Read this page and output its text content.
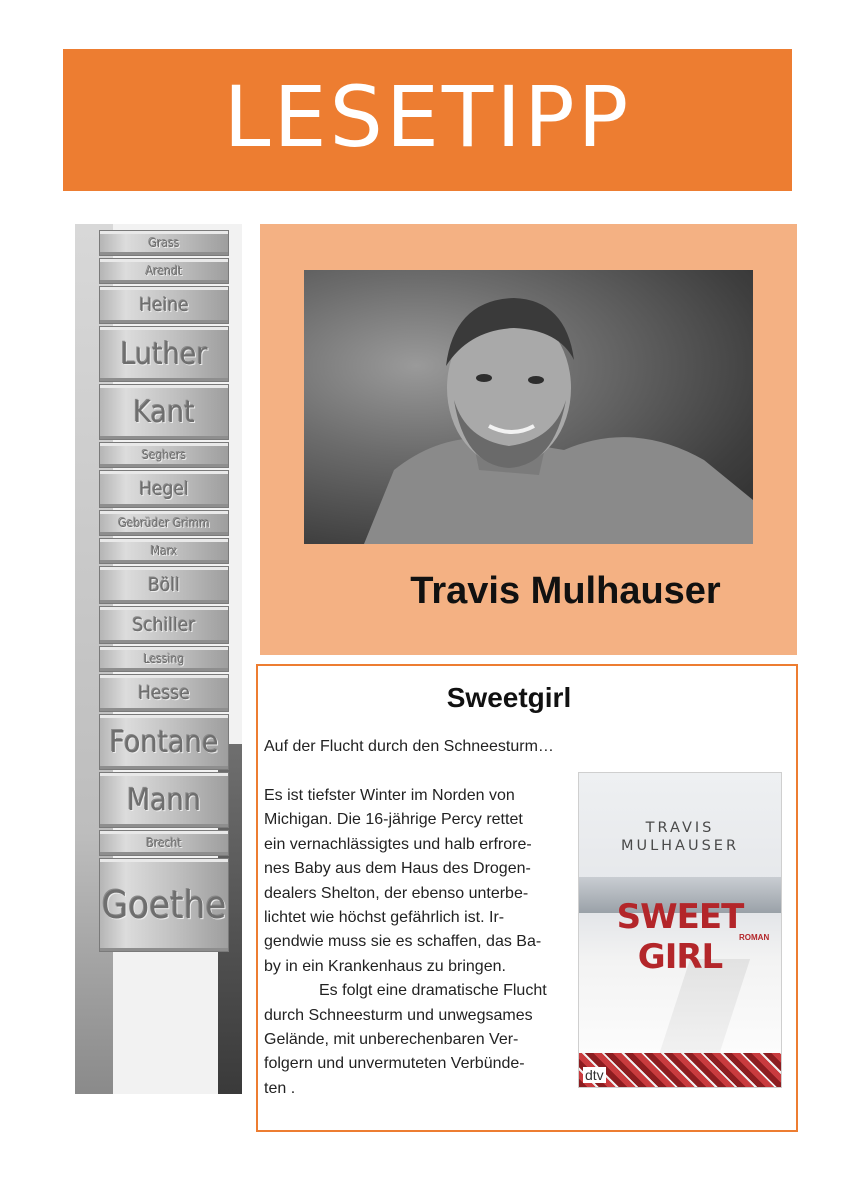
LESETIPP
Grass
Arendt
Heine
Luther
Kant
Seghers
Hegel
Gebrüder Grimm
Marx
Böll
Schiller
Lessing
Hesse
Fontane
Mann
Brecht
Goethe
Travis Mulhauser
Sweetgirl
Auf der Flucht durch den Schneesturm…

Es ist tiefster Winter im Norden von

Michigan. Die 16-jährige Percy rettet

ein vernachlässigtes und halb erfrore-

nes Baby aus dem Haus des Drogen-

dealers Shelton, der ebenso unterbe-

lichtet wie höchst gefährlich ist. Ir-

gendwie muss sie es schaffen, das Ba-

by in ein Krankenhaus zu bringen.

Es folgt eine dramatische Flucht

durch Schneesturm und unwegsames

Gelände, mit unberechenbaren Ver-

folgern und unvermuteten Verbünde-

ten .

TRAVIS
MULHAUSER
SWEET GIRL	ROMAN
dtv
